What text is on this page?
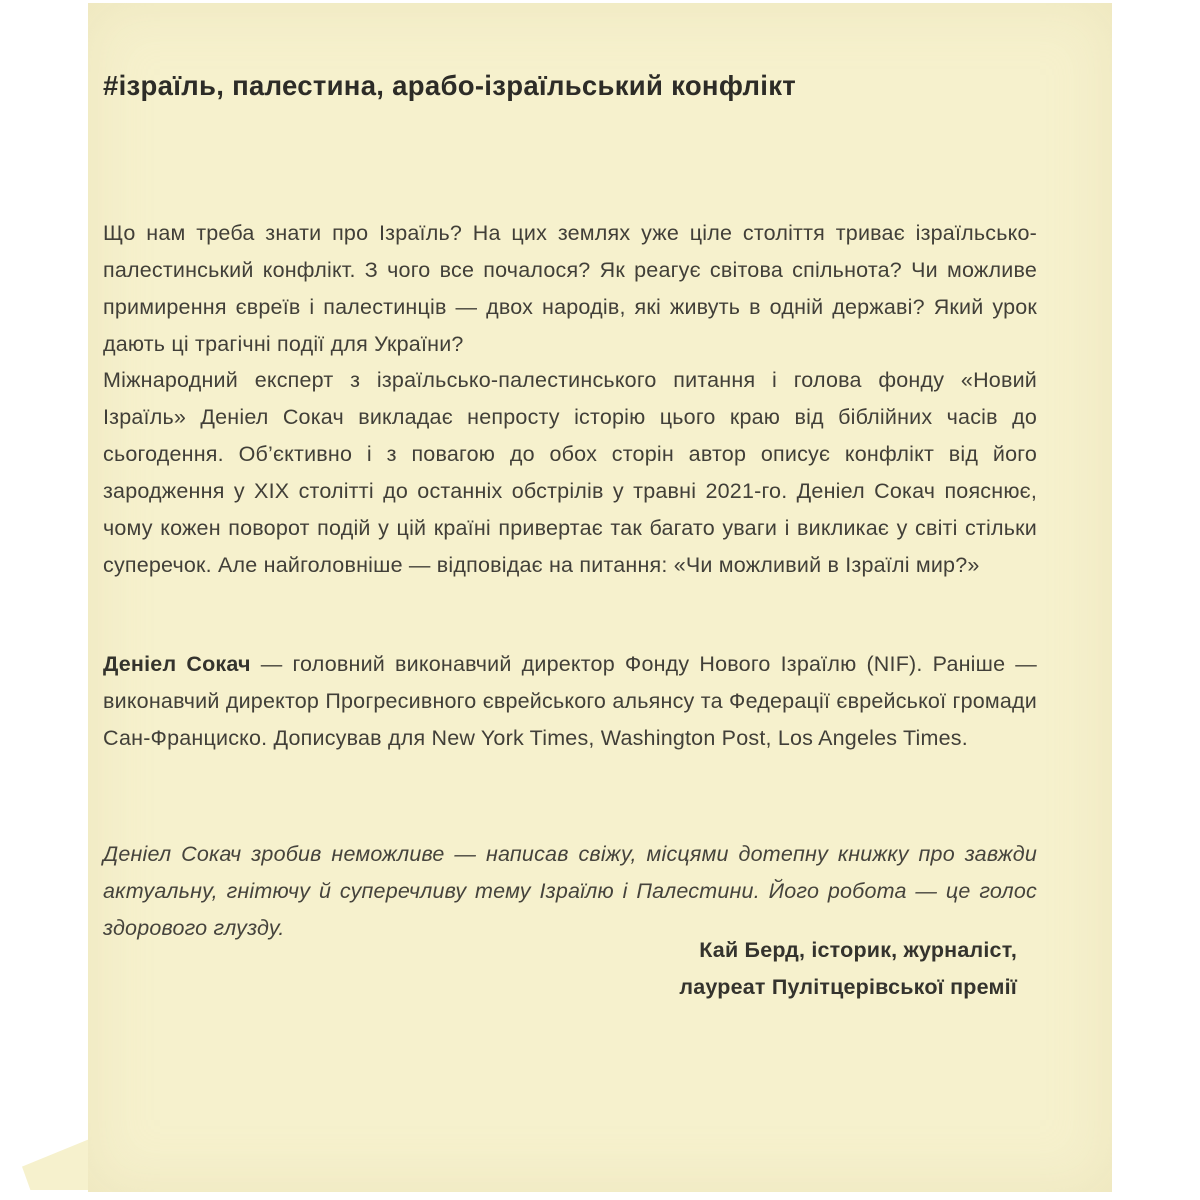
#ізраїль, палестина, арабо-ізраїльський конфлікт

Що нам треба знати про Ізраїль? На цих землях уже ціле століття триває ізраїльсько-палестинський конфлікт. З чого все почалося? Як реагує світова спільнота? Чи можливе примирення євреїв і палестинців — двох народів, які живуть в одній державі? Який урок дають ці трагічні події для України?

Міжнародний експерт з ізраїльсько-палестинського питання і голова фонду «Новий Ізраїль» Деніел Сокач викладає непросту історію цього краю від біблійних часів до сьогодення. Об’єктивно і з повагою до обох сторін автор описує конфлікт від його зародження у XIX столітті до останніх обстрілів у травні 2021-го. Деніел Сокач пояснює, чому кожен поворот подій у цій країні привертає так багато уваги і викликає у світі стільки суперечок. Але найголовніше — відповідає на питання: «Чи можливий в Ізраїлі мир?»

Деніел Сокач — головний виконавчий директор Фонду Нового Ізраїлю (NIF). Раніше — виконавчий директор Прогресивного єврейського альянсу та Федерації єврейської громади Сан-Франциско. Дописував для New York Times, Washington Post, Los Angeles Times.

Деніел Сокач зробив неможливе — написав свіжу, місцями дотепну книжку про завжди актуальну, гнітючу й суперечливу тему Ізраїлю і Палестини. Його робота — це голос здорового глузду.

Кай Берд, історик, журналіст,
лауреат Пулітцерівської премії
